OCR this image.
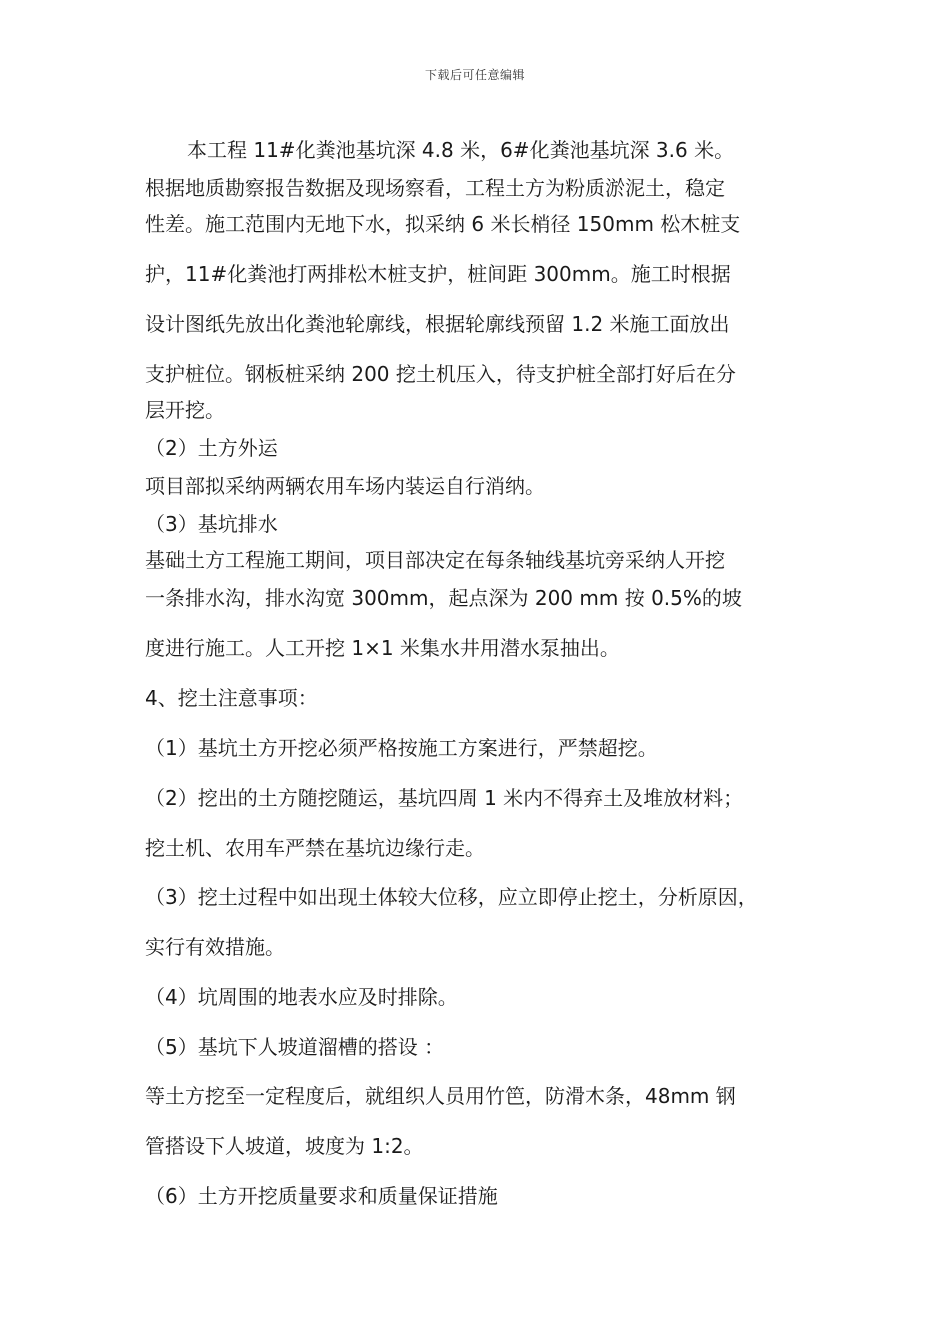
下载后可任意编辑
本工程 11#化粪池基坑深 4.8 米，6#化粪池基坑深 3.6 米。
根据地质勘察报告数据及现场察看，工程土方为粉质淤泥土，稳定
性差。施工范围内无地下水，拟采纳 6 米长梢径 150mm 松木桩支
护，11#化粪池打两排松木桩支护，桩间距 300mm。施工时根据
设计图纸先放出化粪池轮廓线，根据轮廓线预留 1.2 米施工面放出
支护桩位。钢板桩采纳 200 挖土机压入，待支护桩全部打好后在分
层开挖。
（2）土方外运
项目部拟采纳两辆农用车场内装运自行消纳。
（3）基坑排水
基础土方工程施工期间，项目部决定在每条轴线基坑旁采纳人开挖
一条排水沟，排水沟宽 300mm，起点深为 200 mm 按 0.5%的坡
度进行施工。人工开挖 1×1 米集水井用潜水泵抽出。
4、挖土注意事项：
（1）基坑土方开挖必须严格按施工方案进行，严禁超挖。
（2）挖出的土方随挖随运，基坑四周 1 米内不得弃土及堆放材料；
挖土机、农用车严禁在基坑边缘行走。
（3）挖土过程中如出现土体较大位移，应立即停止挖土，分析原因，
实行有效措施。
（4）坑周围的地表水应及时排除。
（5）基坑下人坡道溜槽的搭设 ：
等土方挖至一定程度后，就组织人员用竹笆，防滑木条，48mm 钢
管搭设下人坡道，坡度为 1:2。
（6）土方开挖质量要求和质量保证措施
